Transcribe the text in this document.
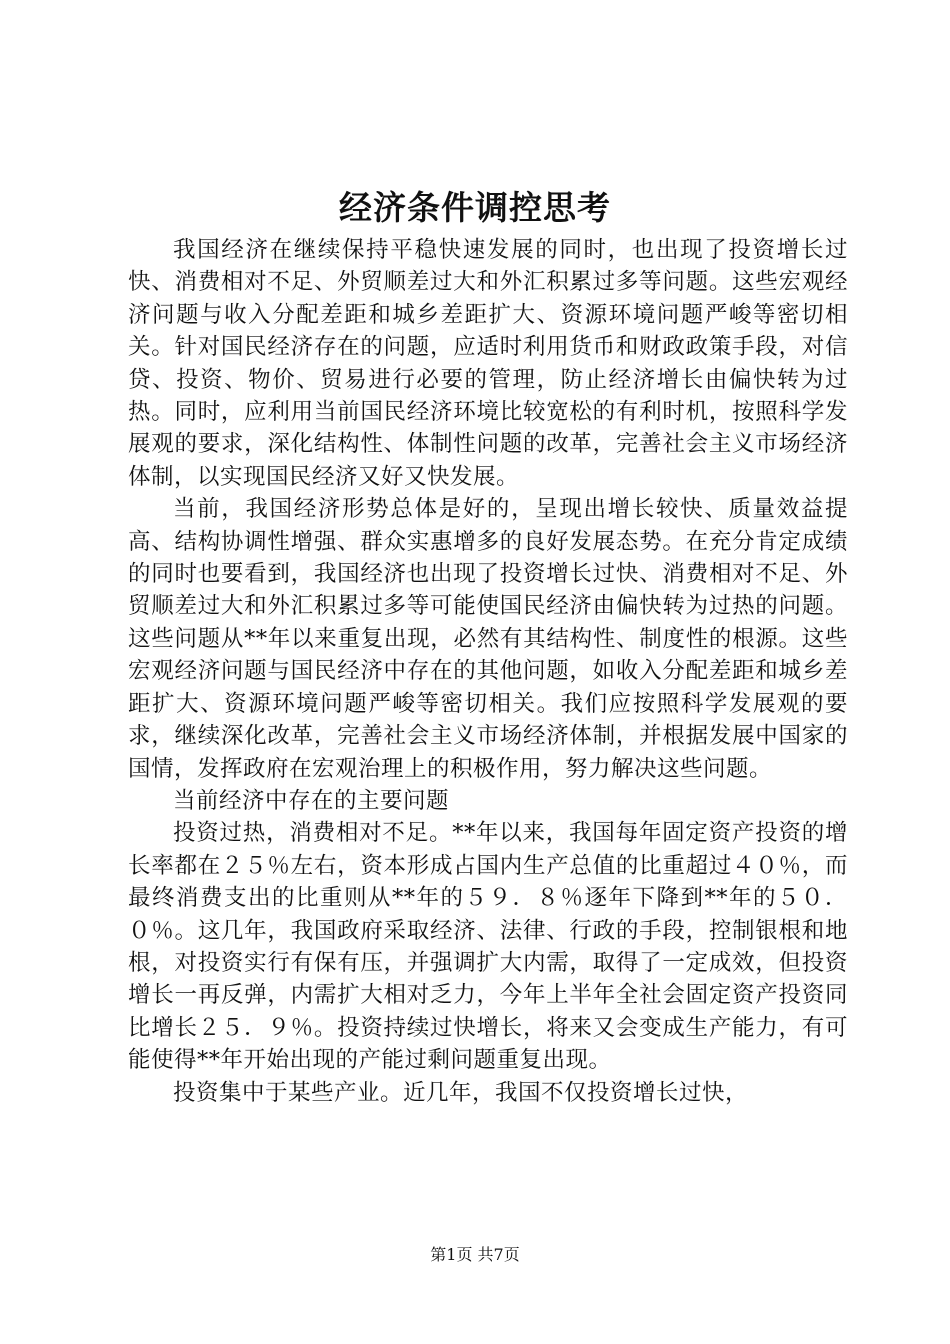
经济条件调控思考

我国经济在继续保持平稳快速发展的同时，也出现了投资增长过快、消费相对不足、外贸顺差过大和外汇积累过多等问题。这些宏观经济问题与收入分配差距和城乡差距扩大、资源环境问题严峻等密切相关。针对国民经济存在的问题，应适时利用货币和财政政策手段，对信贷、投资、物价、贸易进行必要的管理，防止经济增长由偏快转为过热。同时，应利用当前国民经济环境比较宽松的有利时机，按照科学发展观的要求，深化结构性、体制性问题的改革，完善社会主义市场经济体制，以实现国民经济又好又快发展。

当前，我国经济形势总体是好的，呈现出增长较快、质量效益提高、结构协调性增强、群众实惠增多的良好发展态势。在充分肯定成绩的同时也要看到，我国经济也出现了投资增长过快、消费相对不足、外贸顺差过大和外汇积累过多等可能使国民经济由偏快转为过热的问题。这些问题从**年以来重复出现，必然有其结构性、制度性的根源。这些宏观经济问题与国民经济中存在的其他问题，如收入分配差距和城乡差距扩大、资源环境问题严峻等密切相关。我们应按照科学发展观的要求，继续深化改革，完善社会主义市场经济体制，并根据发展中国家的国情，发挥政府在宏观治理上的积极作用，努力解决这些问题。

当前经济中存在的主要问题

投资过热，消费相对不足。**年以来，我国每年固定资产投资的增长率都在２５％左右，资本形成占国内生产总值的比重超过４０％，而最终消费支出的比重则从**年的５９．８％逐年下降到**年的５０．０％。这几年，我国政府采取经济、法律、行政的手段，控制银根和地根，对投资实行有保有压，并强调扩大内需，取得了一定成效，但投资增长一再反弹，内需扩大相对乏力，今年上半年全社会固定资产投资同比增长２５．９％。投资持续过快增长，将来又会变成生产能力，有可能使得**年开始出现的产能过剩问题重复出现。

投资集中于某些产业。近几年，我国不仅投资增长过快，

第1页 共7页
